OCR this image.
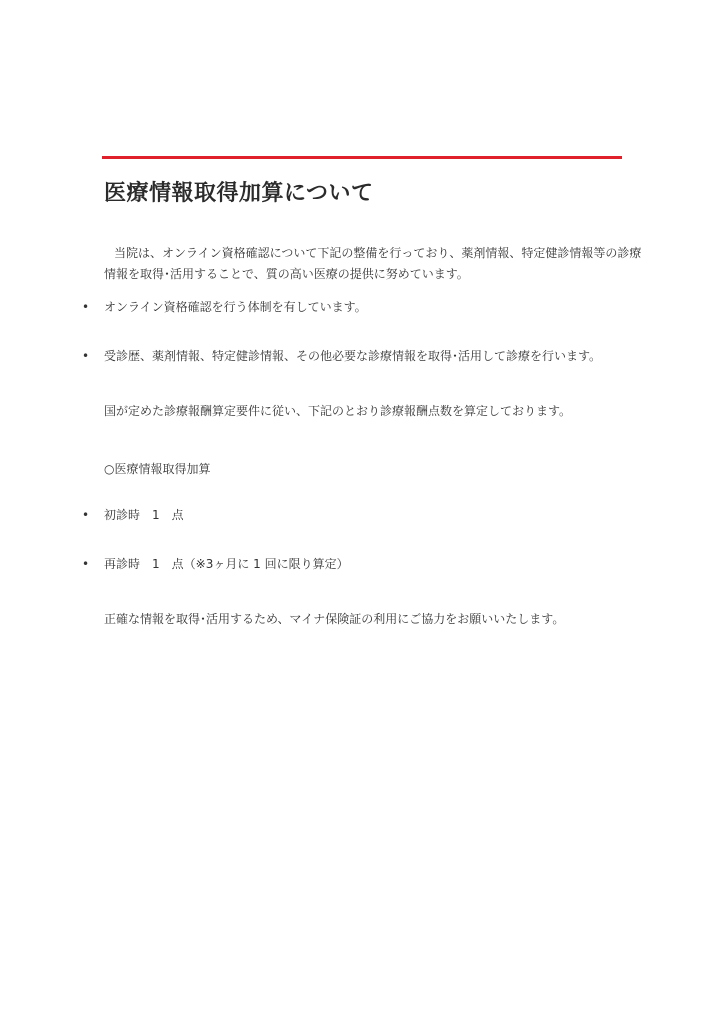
医療情報取得加算について
当院は、オンライン資格確認について下記の整備を行っており、薬剤情報、特定健診情報等の診療
情報を取得･活用することで、質の高い医療の提供に努めています。
• オンライン資格確認を行う体制を有しています。
• 受診歴、薬剤情報、特定健診情報、その他必要な診療情報を取得･活用して診療を行います。
国が定めた診療報酬算定要件に従い、下記のとおり診療報酬点数を算定しております。
○医療情報取得加算
• 初診時　1　点
• 再診時　1　点（※3ヶ月に 1 回に限り算定）
正確な情報を取得･活用するため、マイナ保険証の利用にご協力をお願いいたします。
